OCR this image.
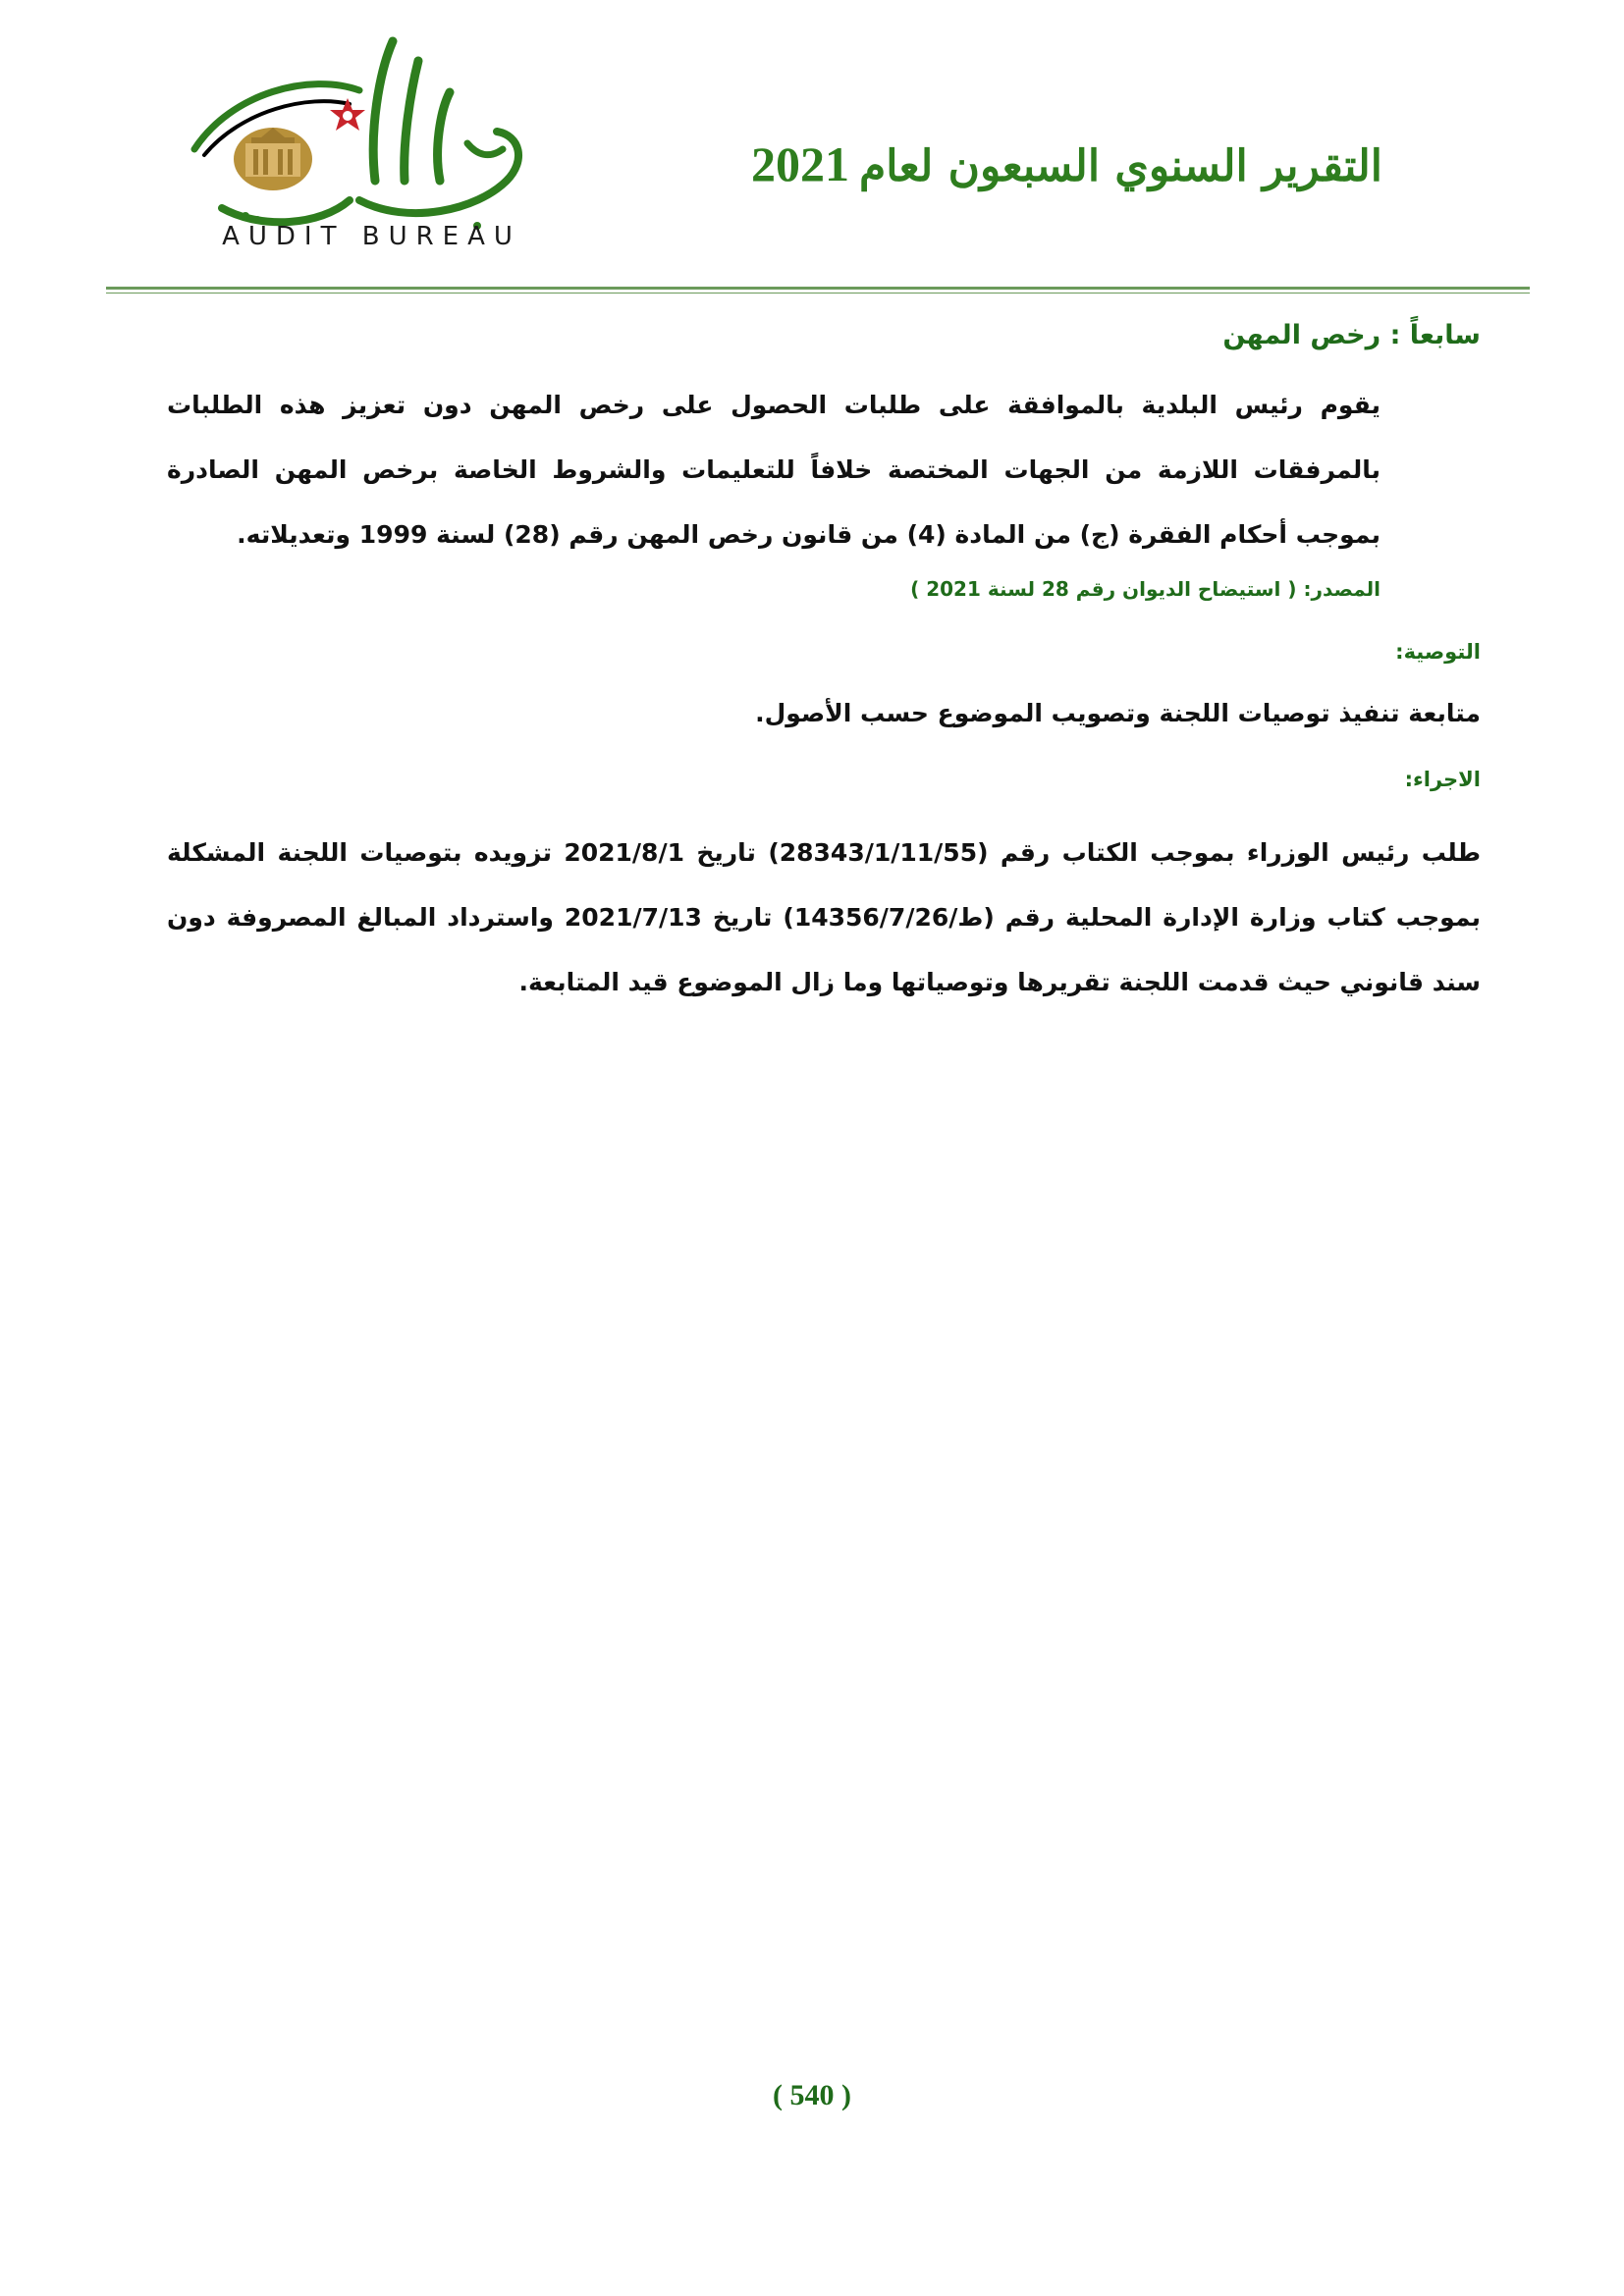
AUDIT BUREAU
التقرير السنوي السبعون لعام2021
سابعاً : رخص المهن
يقوم رئيس البلدية بالموافقة على طلبات الحصول على رخص المهن دون تعزيز هذه الطلبات بالمرفقات اللازمة من الجهات المختصة خلافاً للتعليمات والشروط الخاصة برخص المهن الصادرة بموجب أحكام الفقرة (ج) من المادة (4) من قانون رخص المهن رقم (28) لسنة 1999 وتعديلاته.
المصدر: ( استيضاح الديوان رقم 28 لسنة 2021 )
التوصية:
متابعة تنفيذ توصيات اللجنة وتصويب الموضوع حسب الأصول.
الاجراء:
طلب رئيس الوزراء بموجب الكتاب رقم (28343/1/11/55) تاريخ 2021/8/1 تزويده بتوصيات اللجنة المشكلة بموجب كتاب وزارة الإدارة المحلية رقم (ط/14356/7/26) تاريخ 2021/7/13 واسترداد المبالغ المصروفة دون سند قانوني حيث قدمت اللجنة تقريرها وتوصياتها وما زال الموضوع قيد المتابعة.
( 540 )
